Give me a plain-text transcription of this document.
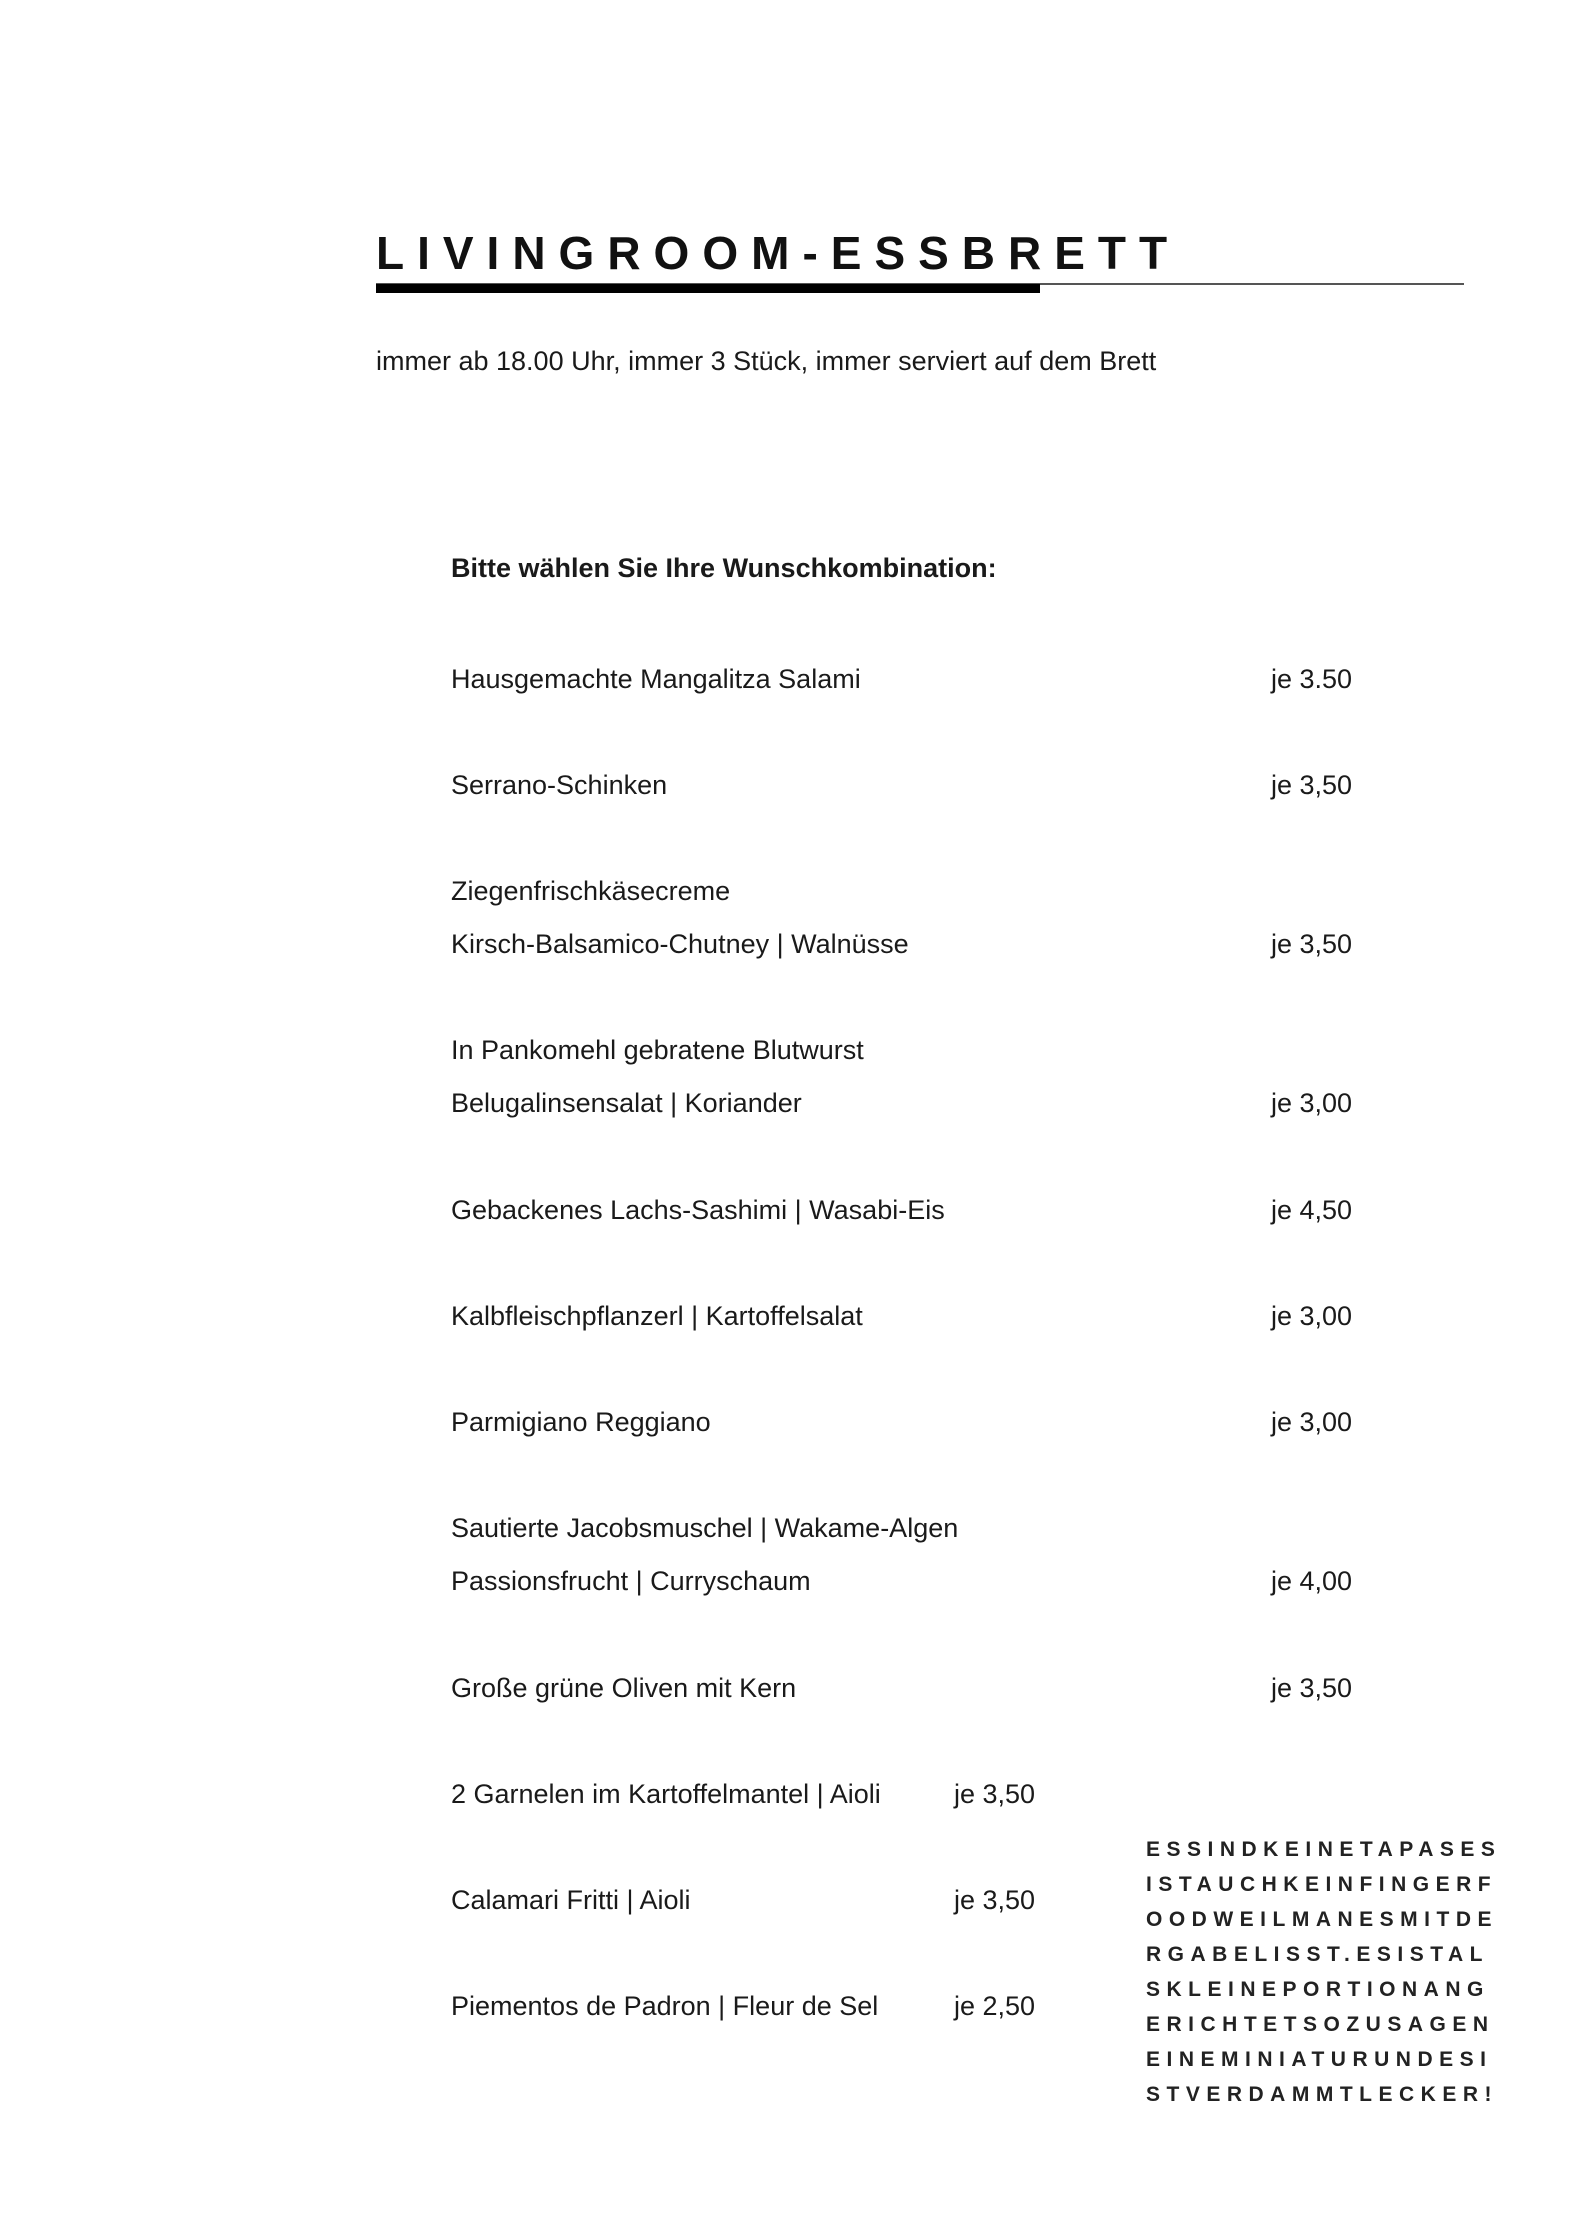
LIVINGROOM-ESSBRETT
immer ab 18.00 Uhr, immer 3 Stück, immer serviert auf dem Brett
Bitte wählen Sie Ihre Wunschkombination:
Hausgemachte Mangalitza Salami	je 3.50
Serrano-Schinken	je 3,50
Ziegenfrischkäsecreme
Kirsch-Balsamico-Chutney | Walnüsse	je 3,50
In Pankomehl gebratene Blutwurst
Belugalinsensalat | Koriander	je 3,00
Gebackenes Lachs-Sashimi | Wasabi-Eis	je 4,50
Kalbfleischpflanzerl | Kartoffelsalat	je 3,00
Parmigiano Reggiano	je 3,00
Sautierte Jacobsmuschel | Wakame-Algen
Passionsfrucht | Curryschaum	je 4,00
Große grüne Oliven mit Kern	je 3,50
2 Garnelen im Kartoffelmantel | Aioli	je 3,50
Calamari Fritti | Aioli	je 3,50
Piementos de Padron | Fleur de Sel	je 2,50
ESSINDKEINETAPASES
ISTAUCHKEINFINGERF
OODWEILMANESMITDE
RGABELISST.ESISTAL
SKLEINEPORTIONANG
ERICHTETSOZUSAGEN
EINEMINIATURUNDESI
STVERDAMMTLECKER!
